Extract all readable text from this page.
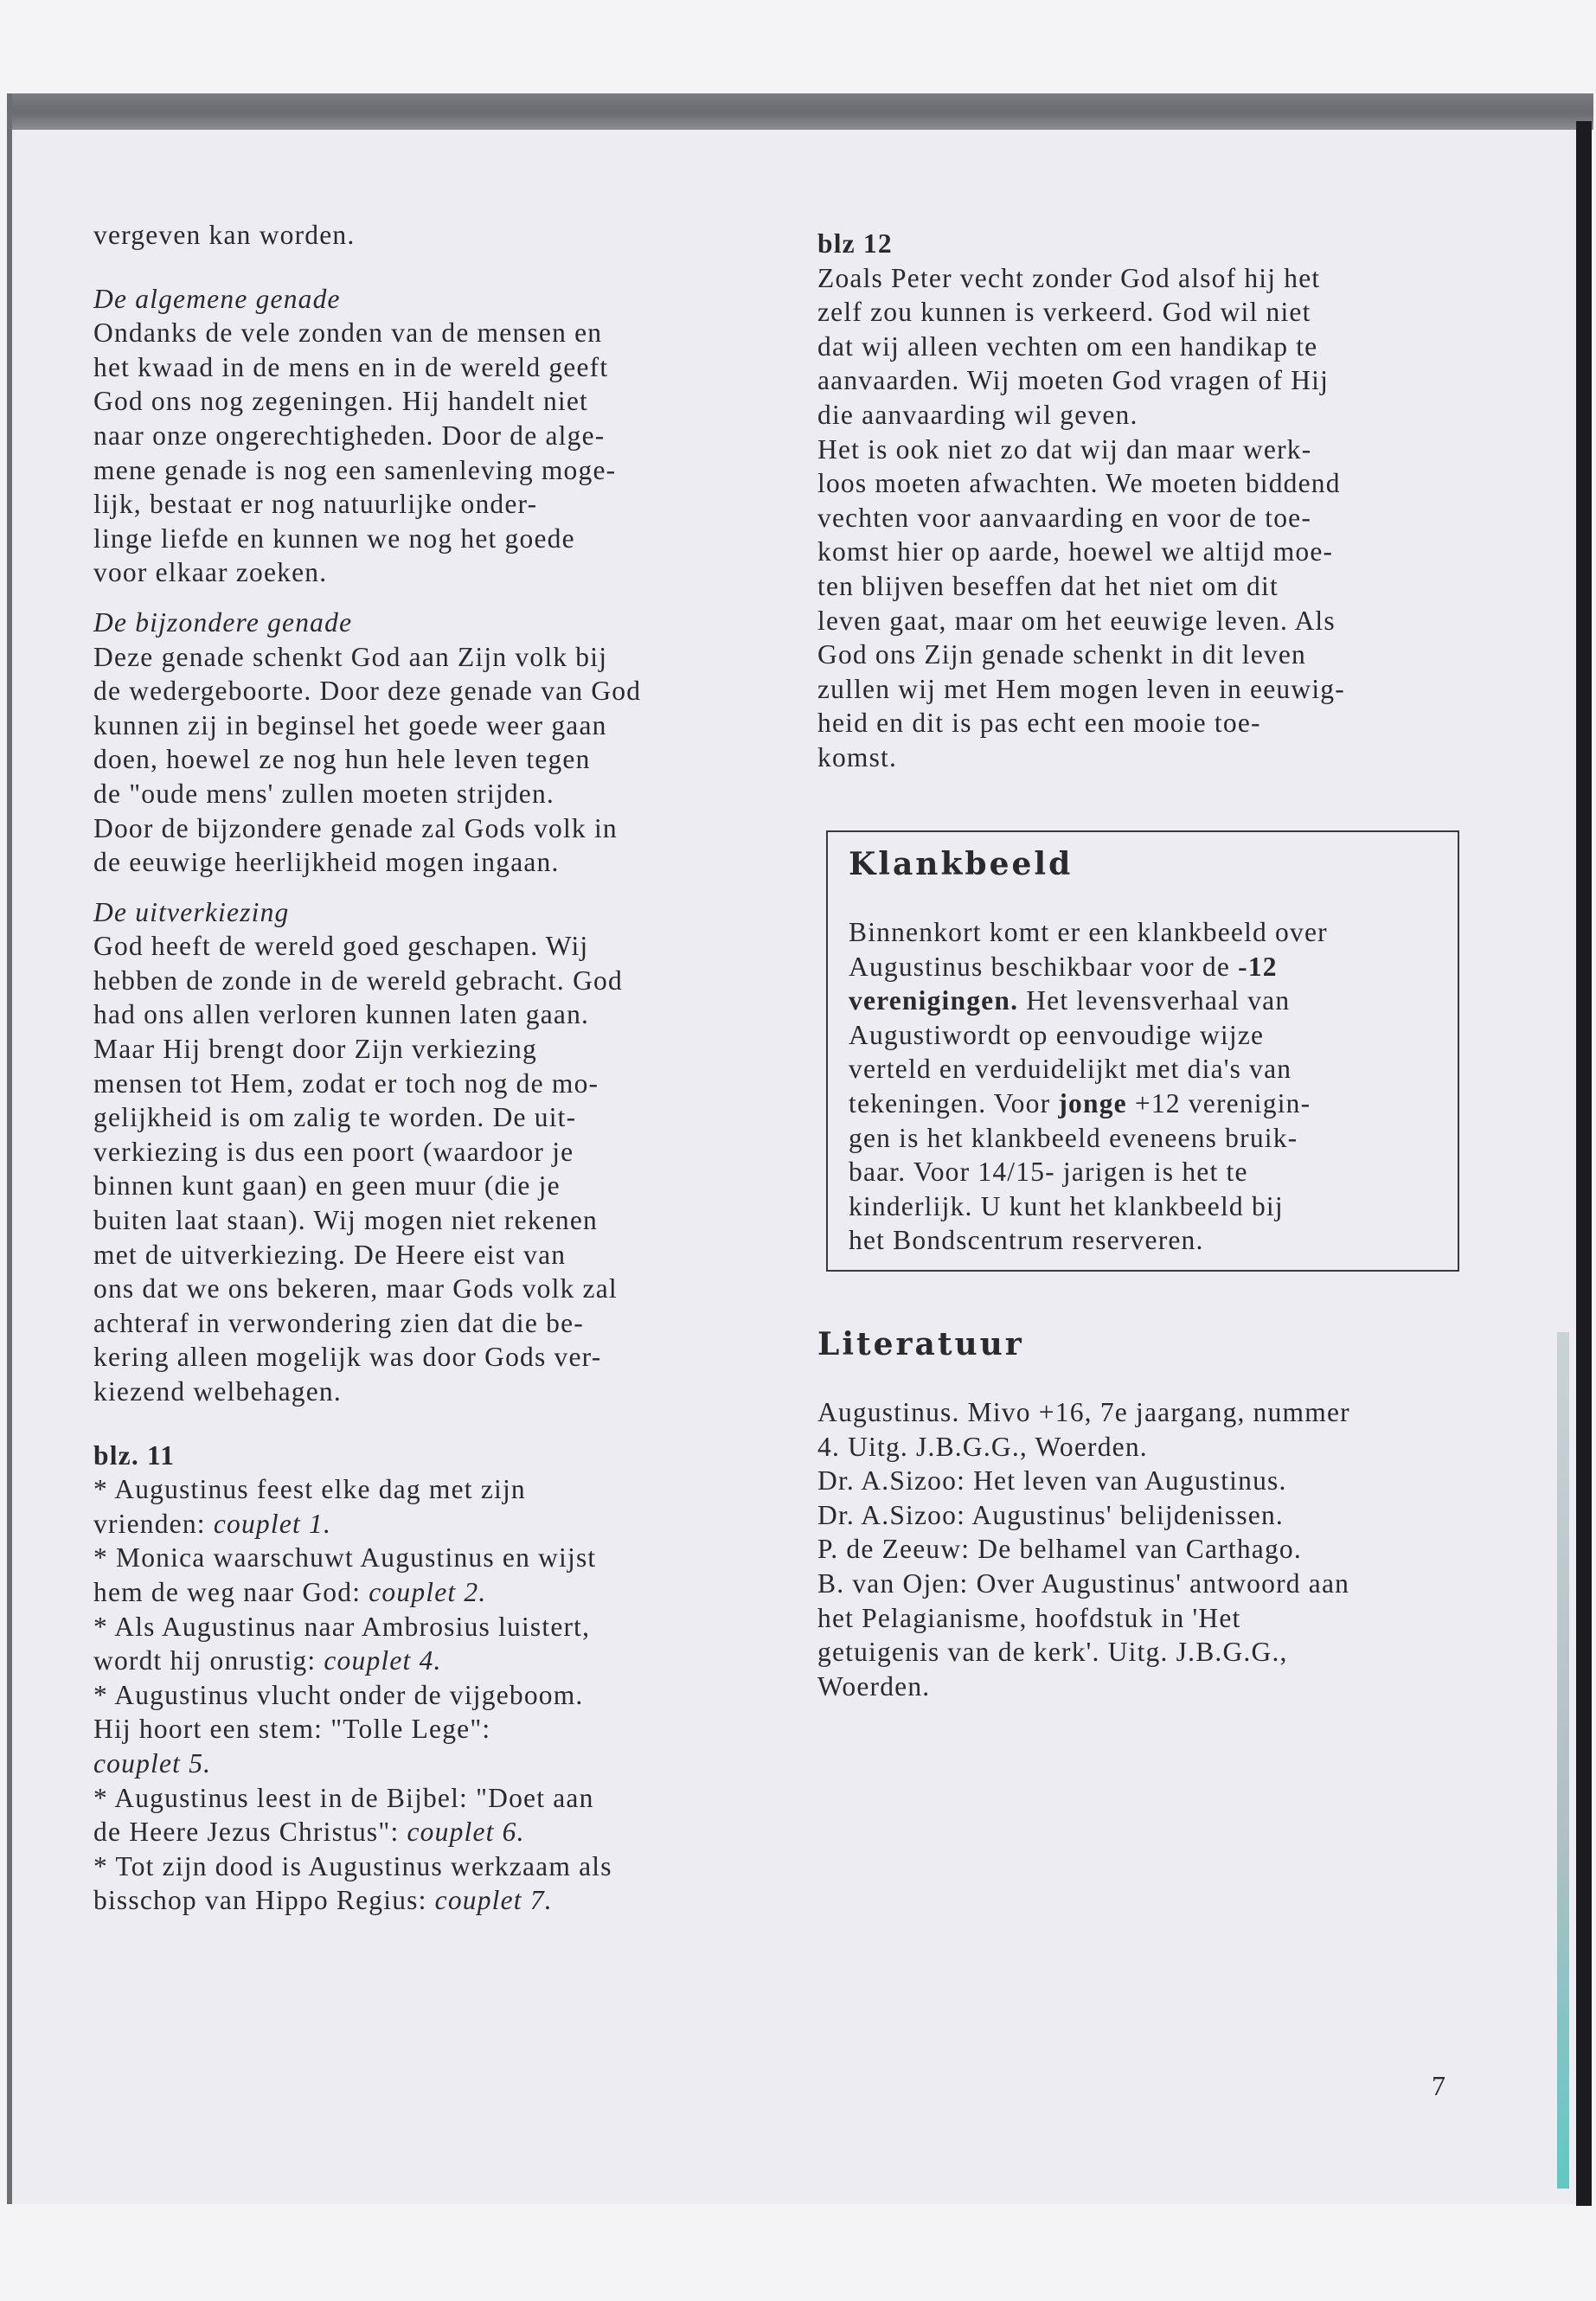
vergeven kan worden.
De algemene genade
Ondanks de vele zonden van de mensen en
het kwaad in de mens en in de wereld geeft
God ons nog zegeningen. Hij handelt niet
naar onze ongerechtigheden. Door de alge-
mene genade is nog een samenleving moge-
lijk, bestaat er nog natuurlijke onder-
linge liefde en kunnen we nog het goede
voor elkaar zoeken.
De bijzondere genade
Deze genade schenkt God aan Zijn volk bij
de wedergeboorte. Door deze genade van God
kunnen zij in beginsel het goede weer gaan
doen, hoewel ze nog hun hele leven tegen
de "oude mens' zullen moeten strijden.
Door de bijzondere genade zal Gods volk in
de eeuwige heerlijkheid mogen ingaan.
De uitverkiezing
God heeft de wereld goed geschapen. Wij
hebben de zonde in de wereld gebracht. God
had ons allen verloren kunnen laten gaan.
Maar Hij brengt door Zijn verkiezing
mensen tot Hem, zodat er toch nog de mo-
gelijkheid is om zalig te worden. De uit-
verkiezing is dus een poort (waardoor je
binnen kunt gaan) en geen muur (die je
buiten laat staan). Wij mogen niet rekenen
met de uitverkiezing. De Heere eist van
ons dat we ons bekeren, maar Gods volk zal
achteraf in verwondering zien dat die be-
kering alleen mogelijk was door Gods ver-
kiezend welbehagen.
blz. 11
* Augustinus feest elke dag met zijn
vrienden: couplet 1.
* Monica waarschuwt Augustinus en wijst
hem de weg naar God: couplet 2.
* Als Augustinus naar Ambrosius luistert,
wordt hij onrustig: couplet 4.
* Augustinus vlucht onder de vijgeboom.
Hij hoort een stem: "Tolle Lege":
couplet 5.
* Augustinus leest in de Bijbel: "Doet aan
de Heere Jezus Christus": couplet 6.
* Tot zijn dood is Augustinus werkzaam als
bisschop van Hippo Regius: couplet 7.
blz 12
Zoals Peter vecht zonder God alsof hij het
zelf zou kunnen is verkeerd. God wil niet
dat wij alleen vechten om een handikap te
aanvaarden. Wij moeten God vragen of Hij
die aanvaarding wil geven.
Het is ook niet zo dat wij dan maar werk-
loos moeten afwachten. We moeten biddend
vechten voor aanvaarding en voor de toe-
komst hier op aarde, hoewel we altijd moe-
ten blijven beseffen dat het niet om dit
leven gaat, maar om het eeuwige leven. Als
God ons Zijn genade schenkt in dit leven
zullen wij met Hem mogen leven in eeuwig-
heid en dit is pas echt een mooie toe-
komst.
Klankbeeld
Binnenkort komt er een klankbeeld over
Augustinus beschikbaar voor de -12
verenigingen. Het levensverhaal van
Augustiwordt op eenvoudige wijze
verteld en verduidelijkt met dia's van
tekeningen. Voor jonge +12 verenigin-
gen is het klankbeeld eveneens bruik-
baar. Voor 14/15- jarigen is het te
kinderlijk. U kunt het klankbeeld bij
het Bondscentrum reserveren.
Literatuur
Augustinus. Mivo +16, 7e jaargang, nummer
4. Uitg. J.B.G.G., Woerden.
Dr. A.Sizoo: Het leven van Augustinus.
Dr. A.Sizoo: Augustinus' belijdenissen.
P. de Zeeuw: De belhamel van Carthago.
B. van Ojen: Over Augustinus' antwoord aan
het Pelagianisme, hoofdstuk in 'Het
getuigenis van de kerk'. Uitg. J.B.G.G.,
Woerden.
7
